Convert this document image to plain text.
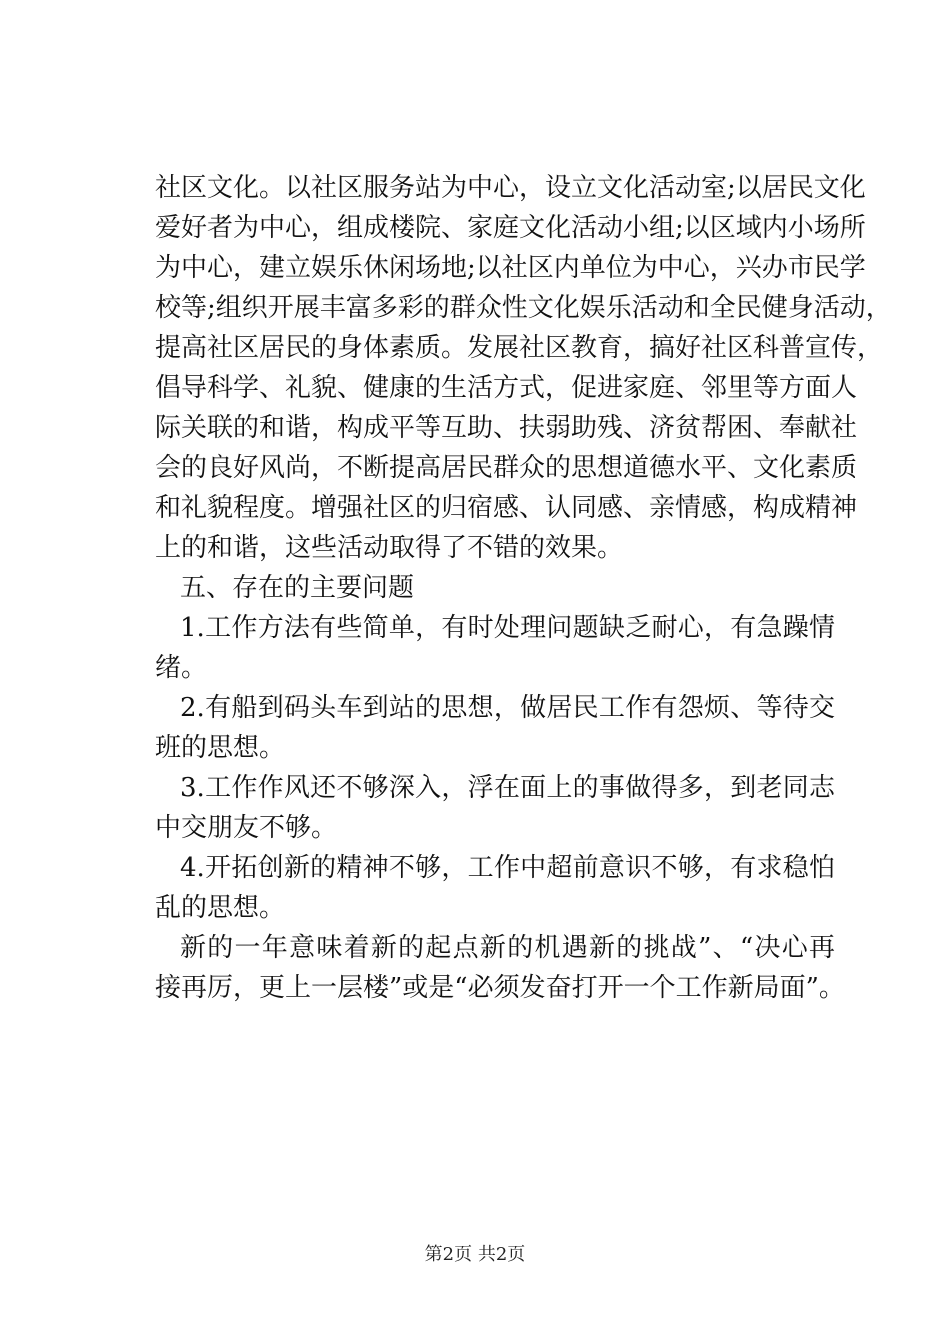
社区文化。以社区服务站为中心，设立文化活动室;以居民文化
爱好者为中心，组成楼院、家庭文化活动小组;以区域内小场所
为中心，建立娱乐休闲场地;以社区内单位为中心，兴办市民学
校等;组织开展丰富多彩的群众性文化娱乐活动和全民健身活动，
提高社区居民的身体素质。发展社区教育，搞好社区科普宣传，
倡导科学、礼貌、健康的生活方式，促进家庭、邻里等方面人
际关联的和谐，构成平等互助、扶弱助残、济贫帮困、奉献社
会的良好风尚，不断提高居民群众的思想道德水平、文化素质
和礼貌程度。增强社区的归宿感、认同感、亲情感，构成精神
上的和谐，这些活动取得了不错的效果。
五、存在的主要问题
1.工作方法有些简单，有时处理问题缺乏耐心，有急躁情
绪。
2.有船到码头车到站的思想，做居民工作有怨烦、等待交
班的思想。
3.工作作风还不够深入，浮在面上的事做得多，到老同志
中交朋友不够。
4.开拓创新的精神不够，工作中超前意识不够，有求稳怕
乱的思想。
新的一年意味着新的起点新的机遇新的挑战”、“决心再
接再厉，更上一层楼”或是“必须发奋打开一个工作新局面”。
第2页 共2页
